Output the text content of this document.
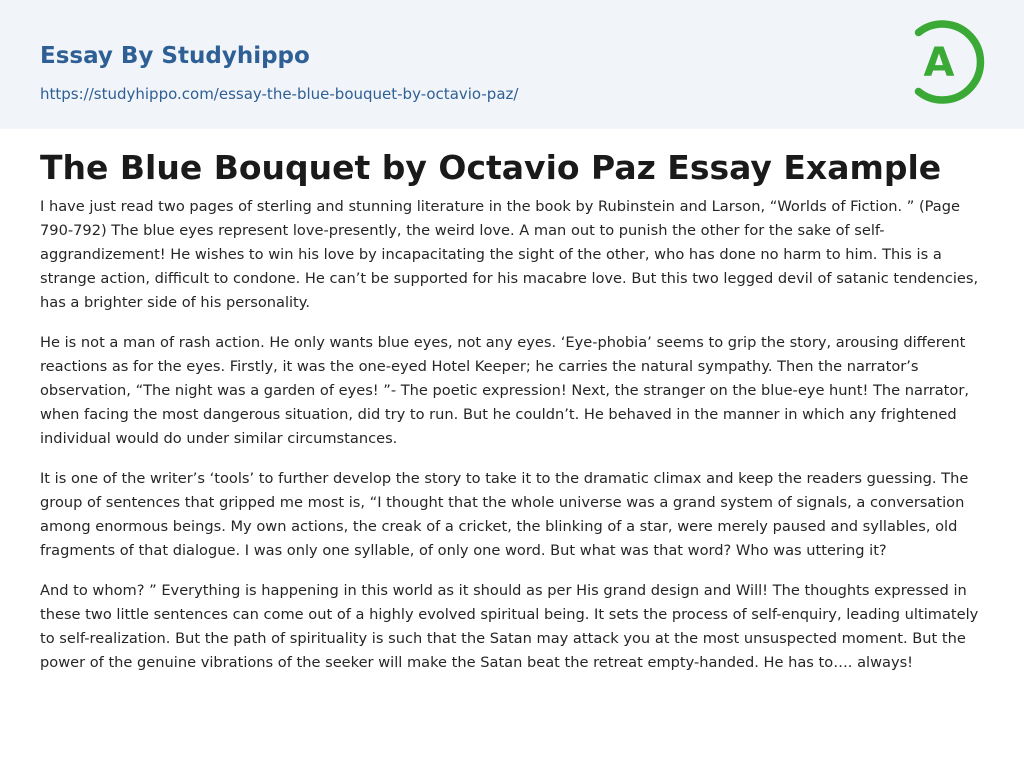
Essay By Studyhippo
https://studyhippo.com/essay-the-blue-bouquet-by-octavio-paz/
A
The Blue Bouquet by Octavio Paz Essay Example

I have just read two pages of sterling and stunning literature in the book by Rubinstein and Larson, “Worlds of Fiction. ” (Page 790-792) The blue eyes represent love-presently, the weird love. A man out to punish the other for the sake of self-aggrandizement! He wishes to win his love by incapacitating the sight of the other, who has done no harm to him. This is a strange action, difficult to condone. He can’t be supported for his macabre love. But this two legged devil of satanic tendencies, has a brighter side of his personality.

He is not a man of rash action. He only wants blue eyes, not any eyes. ‘Eye-phobia’ seems to grip the story, arousing different reactions as for the eyes. Firstly, it was the one-eyed Hotel Keeper; he carries the natural sympathy. Then the narrator’s observation, “The night was a garden of eyes! ”- The poetic expression! Next, the stranger on the blue-eye hunt! The narrator, when facing the most dangerous situation, did try to run. But he couldn’t. He behaved in the manner in which any frightened individual would do under similar circumstances.

It is one of the writer’s ‘tools’ to further develop the story to take it to the dramatic climax and keep the readers guessing. The group of sentences that gripped me most is, “I thought that the whole universe was a grand system of signals, a conversation among enormous beings. My own actions, the creak of a cricket, the blinking of a star, were merely paused and syllables, old fragments of that dialogue. I was only one syllable, of only one word. But what was that word? Who was uttering it?

And to whom? ” Everything is happening in this world as it should as per His grand design and Will! The thoughts expressed in these two little sentences can come out of a highly evolved spiritual being. It sets the process of self-enquiry, leading ultimately to self-realization. But the path of spirituality is such that the Satan may attack you at the most unsuspected moment. But the power of the genuine vibrations of the seeker will make the Satan beat the retreat empty-handed. He has to…. always!
